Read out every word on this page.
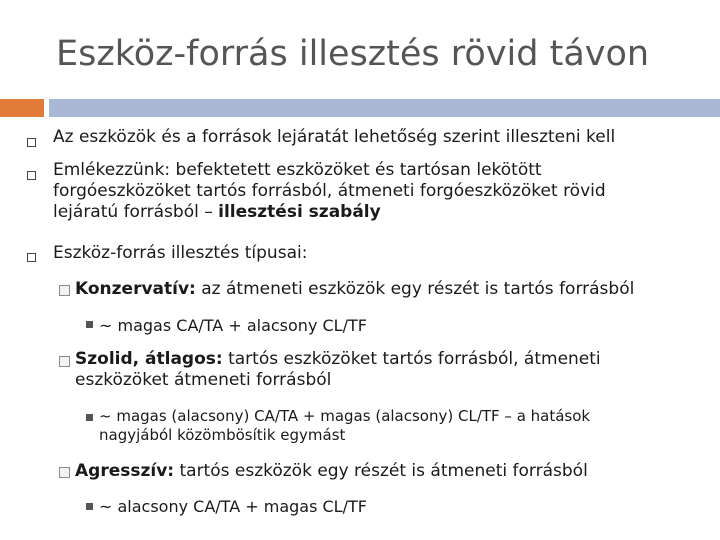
Eszköz-forrás illesztés rövid távon
Az eszközök és a források lejáratát lehetőség szerint illeszteni kell
Emlékezzünk: befektetett eszközöket és tartósan lekötött
forgóeszközöket tartós forrásból, átmeneti forgóeszközöket rövid
lejáratú forrásból – illesztési szabály
Eszköz-forrás illesztés típusai:
Konzervatív: az átmeneti eszközök egy részét is tartós forrásból
~ magas CA/TA + alacsony CL/TF
Szolid, átlagos: tartós eszközöket tartós forrásból, átmeneti
eszközöket átmeneti forrásból
~ magas (alacsony) CA/TA + magas (alacsony) CL/TF – a hatások
nagyjából közömbösítik egymást
Agresszív: tartós eszközök egy részét is átmeneti forrásból
~ alacsony CA/TA + magas CL/TF
